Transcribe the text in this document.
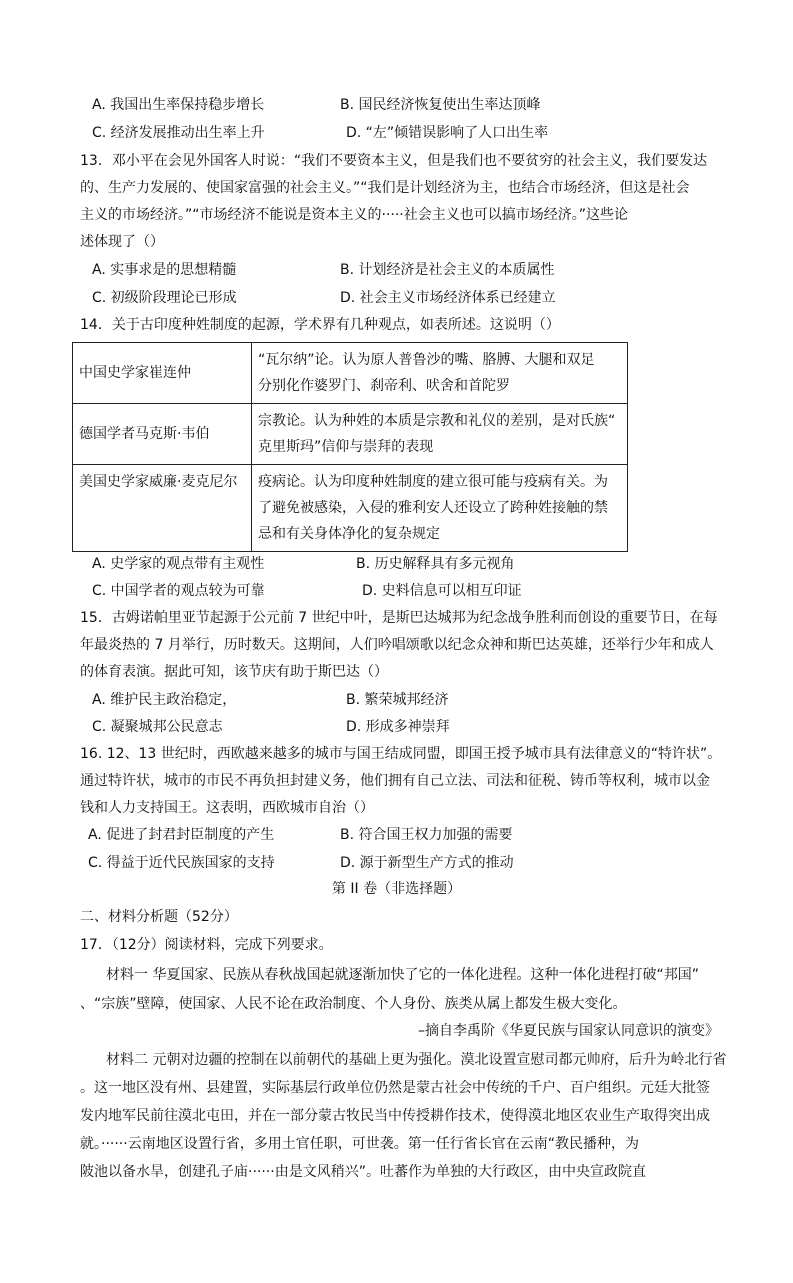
A. 我国出生率保持稳步增长	B. 国民经济恢复使出生率达顶峰
C. 经济发展推动出生率上升	D. “左”倾错误影响了人口出生率
13．邓小平在会见外国客人时说：“我们不要资本主义，但是我们也不要贫穷的社会主义，我们要发达
的、生产力发展的、使国家富强的社会主义。”“我们是计划经济为主，也结合市场经济，但这是社会
主义的市场经济。”“市场经济不能说是资本主义的·····社会主义也可以搞市场经济。”这些论
述体现了（）
A. 实事求是的思想精髓	B. 计划经济是社会主义的本质属性
C. 初级阶段理论已形成	D. 社会主义市场经济体系已经建立
14．关于古印度种姓制度的起源，学术界有几种观点，如表所述。这说明（）
中国史学家崔连仲	“瓦尔纳”论。认为原人普鲁沙的嘴、胳膊、大腿和双足
分别化作婆罗门、刹帝利、吠舍和首陀罗

德国学者马克斯·韦伯	宗教论。认为种姓的本质是宗教和礼仪的差别，是对氏族“
克里斯玛”信仰与崇拜的表现

美国史学家威廉·麦克尼尔	疫病论。认为印度种姓制度的建立很可能与疫病有关。为
了避免被感染，入侵的雅利安人还设立了跨种姓接触的禁
忌和有关身体净化的复杂规定
A. 史学家的观点带有主观性	B. 历史解释具有多元视角
C. 中国学者的观点较为可靠	D. 史料信息可以相互印证
15．古姆诺帕里亚节起源于公元前 7 世纪中叶，是斯巴达城邦为纪念战争胜利而创设的重要节日，在每
年最炎热的 7 月举行，历时数天。这期间，人们吟唱颂歌以纪念众神和斯巴达英雄，还举行少年和成人
的体育表演。据此可知，该节庆有助于斯巴达（）
A. 维护民主政治稳定，	B. 繁荣城邦经济
C. 凝聚城邦公民意志	D. 形成多神崇拜
16. 12、13 世纪时，西欧越来越多的城市与国王结成同盟，即国王授予城市具有法律意义的“特许状”。
通过特许状，城市的市民不再负担封建义务，他们拥有自己立法、司法和征税、铸币等权利，城市以金
钱和人力支持国王。这表明，西欧城市自治（）
A. 促进了封君封臣制度的产生	B. 符合国王权力加强的需要
C. 得益于近代民族国家的支持	D. 源于新型生产方式的推动
第 II 卷（非选择题）
二、材料分析题（52分）
17．（12分）阅读材料，完成下列要求。
材料一 华夏国家、民族从春秋战国起就逐渐加快了它的一体化进程。这种一体化进程打破“邦国”
、“宗族”壁障，使国家、人民不论在政治制度、个人身份、族类从属上都发生极大变化。
–摘自李禹阶《华夏民族与国家认同意识的演变》
材料二 元朝对边疆的控制在以前朝代的基础上更为强化。漠北设置宣慰司都元帅府，后升为岭北行省
。这一地区没有州、县建置，实际基层行政单位仍然是蒙古社会中传统的千户、百户组织。元廷大批签
发内地军民前往漠北屯田，并在一部分蒙古牧民当中传授耕作技术，使得漠北地区农业生产取得突出成
就。······云南地区设置行省，多用土官任职，可世袭。第一任行省长官在云南“教民播种，为
陂池以备水旱，创建孔子庙······由是文风稍兴”。吐蕃作为单独的大行政区，由中央宣政院直
